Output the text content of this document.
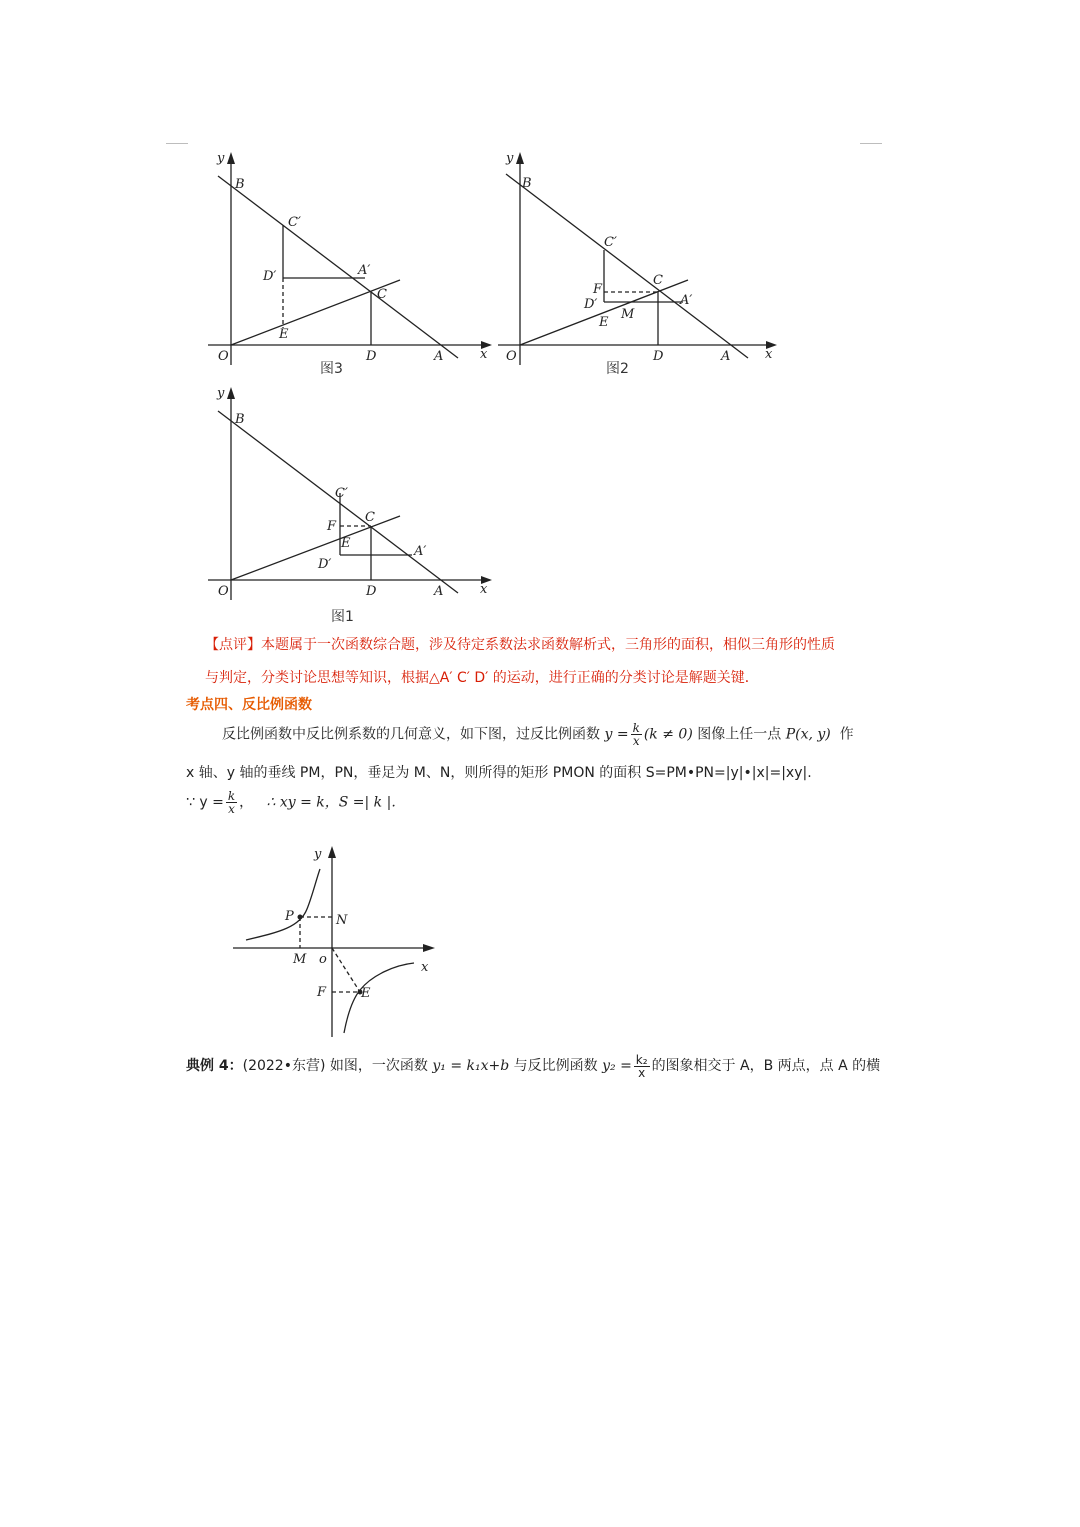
y
x
O
B
C′
D′	A′
C
E
D	A
图3
y
x
O
B
C′
F
C
D′	A′
E
M
D	A
图2
y
x
O
B
C′
F
C
E
A′
D′
D	A
图1
【点评】本题属于一次函数综合题，涉及待定系数法求函数解析式，三角形的面积，相似三角形的性质
与判定，分类讨论思想等知识，根据△A′ C′ D′ 的运动，进行正确的分类讨论是解题关键．
考点四、反比例函数
反比例函数中反比例系数的几何意义，如下图，过反比例函数 $y = \frac{k}{x} (k \ne 0)$ 图像上任一点 P(x, y) 作
x 轴、y 轴的垂线 PM，PN，垂足为 M、N，则所得的矩形 PMON 的面积 S=PM•PN=|y|•|x|=|xy|.
∵ $y = \frac{k}{x}$ ， ∴ xy = k，S =| k |.
y
x
P	N
M o
F	E
典例 4：(2022•东营) 如图，一次函数 y₁ = k₁x+b 与反比例函数 $y_2 = \frac{\text{k₂}}{x}$ 的图象相交于 A，B 两点，点 A 的横
